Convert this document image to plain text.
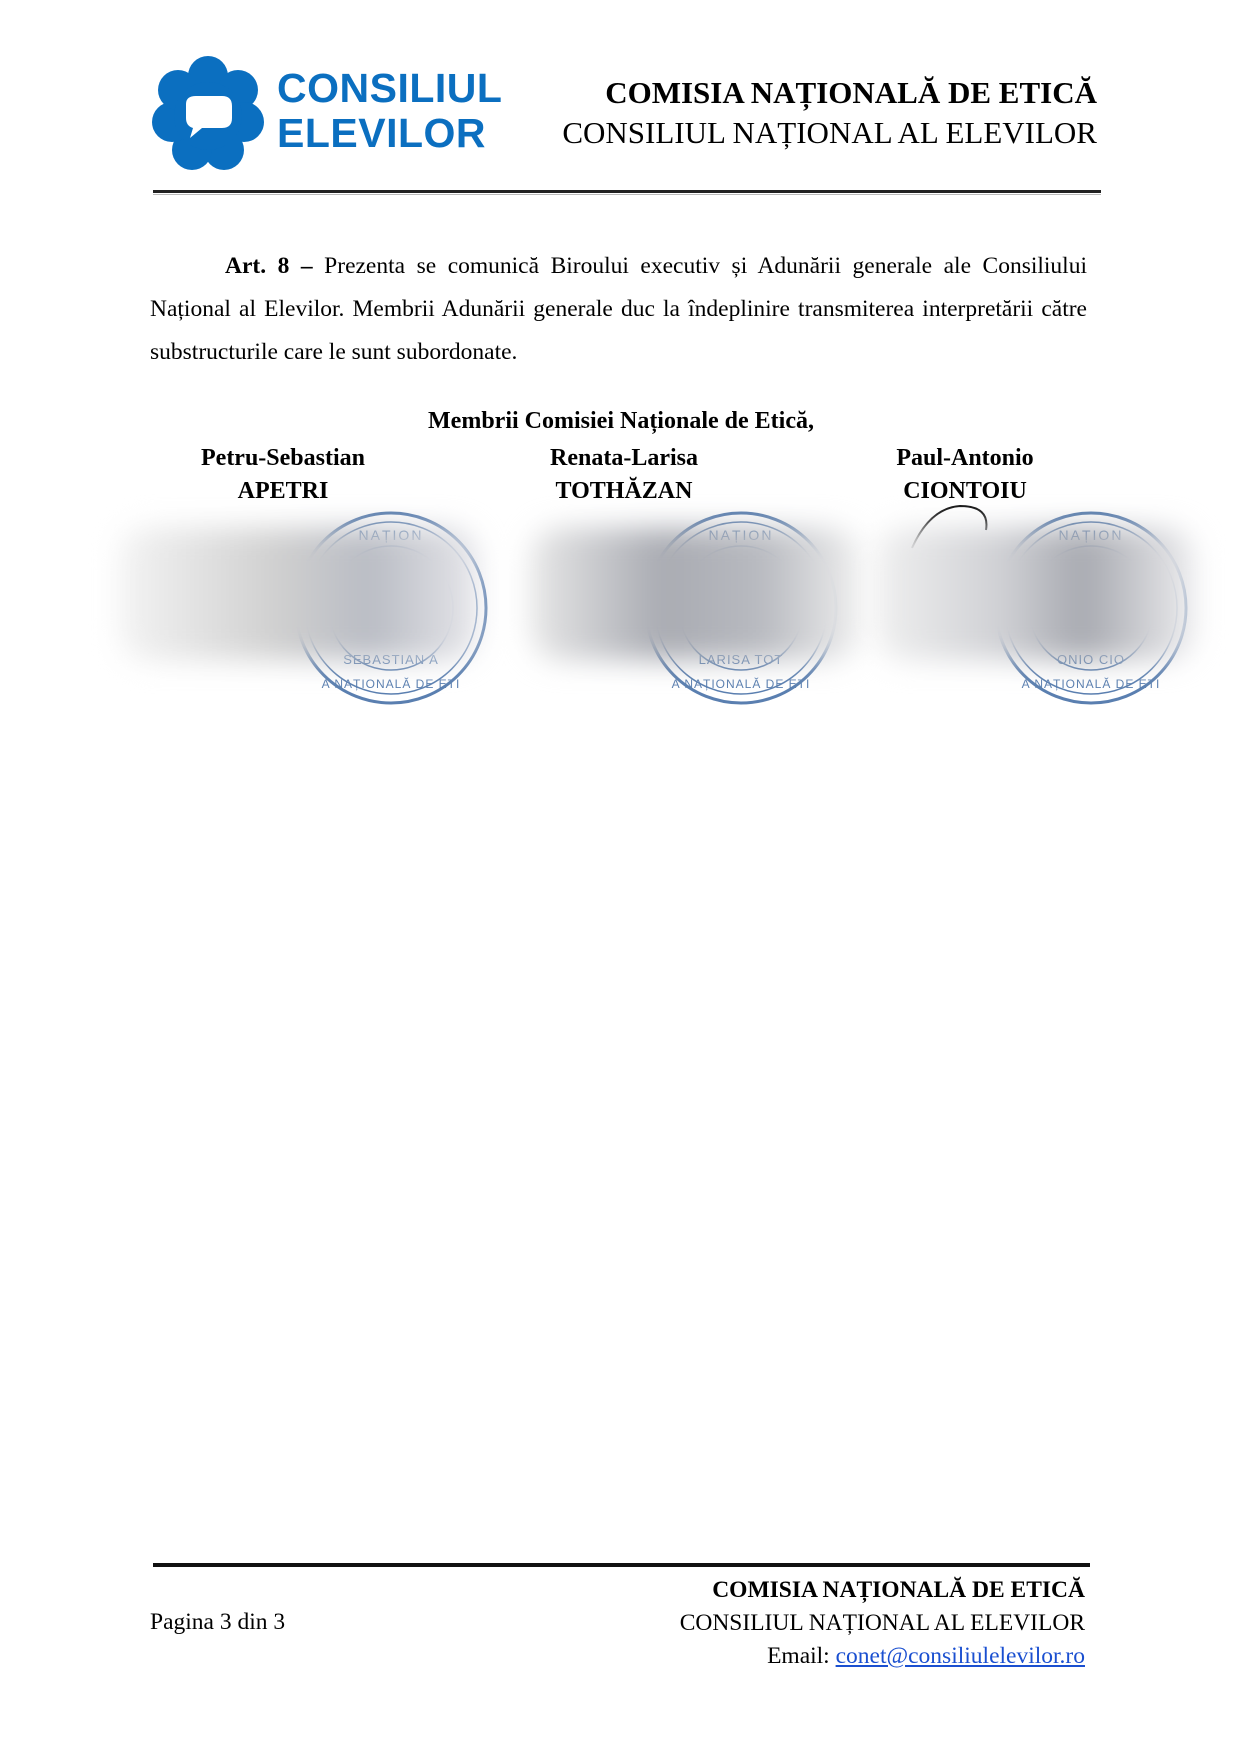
CONSILIUL
ELEVILOR
COMISIA NAȚIONALĂ DE ETICĂ
CONSILIUL NAȚIONAL AL ELEVILOR
Art. 8 – Prezenta se comunică Biroului executiv și Adunării generale ale Consiliului Național al Elevilor. Membrii Adunării generale duc la îndeplinire transmiterea interpretării către substructurile care le sunt subordonate.
Membrii Comisiei Naționale de Etică,
Petru-Sebastian
APETRI
Renata-Larisa
TOTHĂZAN
Paul-Antonio
CIONTOIU
A NAȚIONALĂ DE ETI	A NAȚIONALĂ DE ETI	A NAȚIONALĂ DE ETI
Pagina 3 din 3
COMISIA NAȚIONALĂ DE ETICĂ
CONSILIUL NAȚIONAL AL ELEVILOR
Email: conet@consiliulelevilor.ro
